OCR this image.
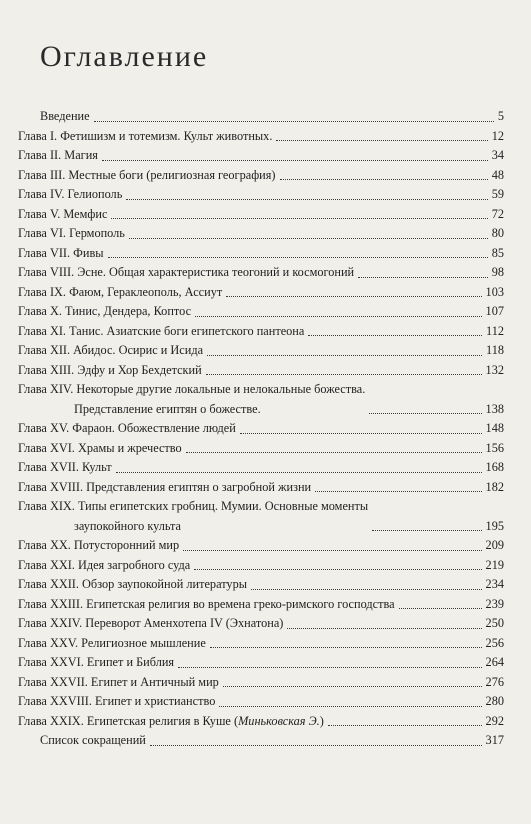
Оглавление
Введение	5
Глава I. Фетишизм и тотемизм. Культ животных.	12
Глава II. Магия	34
Глава III. Местные боги (религиозная география)	48
Глава IV. Гелиополь	59
Глава V. Мемфис	72
Глава VI. Гермополь	80
Глава VII. Фивы	85
Глава VIII. Эсне. Общая характеристика теогоний и космогоний	98
Глава IX. Фаюм, Гераклеополь, Ассиут	103
Глава X. Тинис, Дендера, Коптос	107
Глава XI. Танис. Азиатские боги египетского пантеона	112
Глава XII. Абидос. Осирис и Исида	118
Глава XIII. Эдфу и Хор Бехдетский	132
Глава XIV. Некоторые другие локальные и нелокальные божества.
Представление египтян о божестве.	138
Глава XV. Фараон. Обожествление людей	148
Глава XVI. Храмы и жречество	156
Глава XVII. Культ	168
Глава XVIII. Представления египтян о загробной жизни	182
Глава XIX. Типы египетских гробниц. Мумии. Основные моменты
заупокойного культа	195
Глава XX. Потусторонний мир	209
Глава XXI. Идея загробного суда	219
Глава XXII. Обзор заупокойной литературы	234
Глава XXIII. Египетская религия во времена греко-римского господства	239
Глава XXIV. Переворот Аменхотепа IV (Эхнатона)	250
Глава XXV. Религиозное мышление	256
Глава XXVI. Египет и Библия	264
Глава XXVII. Египет и Античный мир	276
Глава XXVIII. Египет и христианство	280
Глава XXIX. Египетская религия в Куше (Миньковская Э.)	292
Список сокращений	317
